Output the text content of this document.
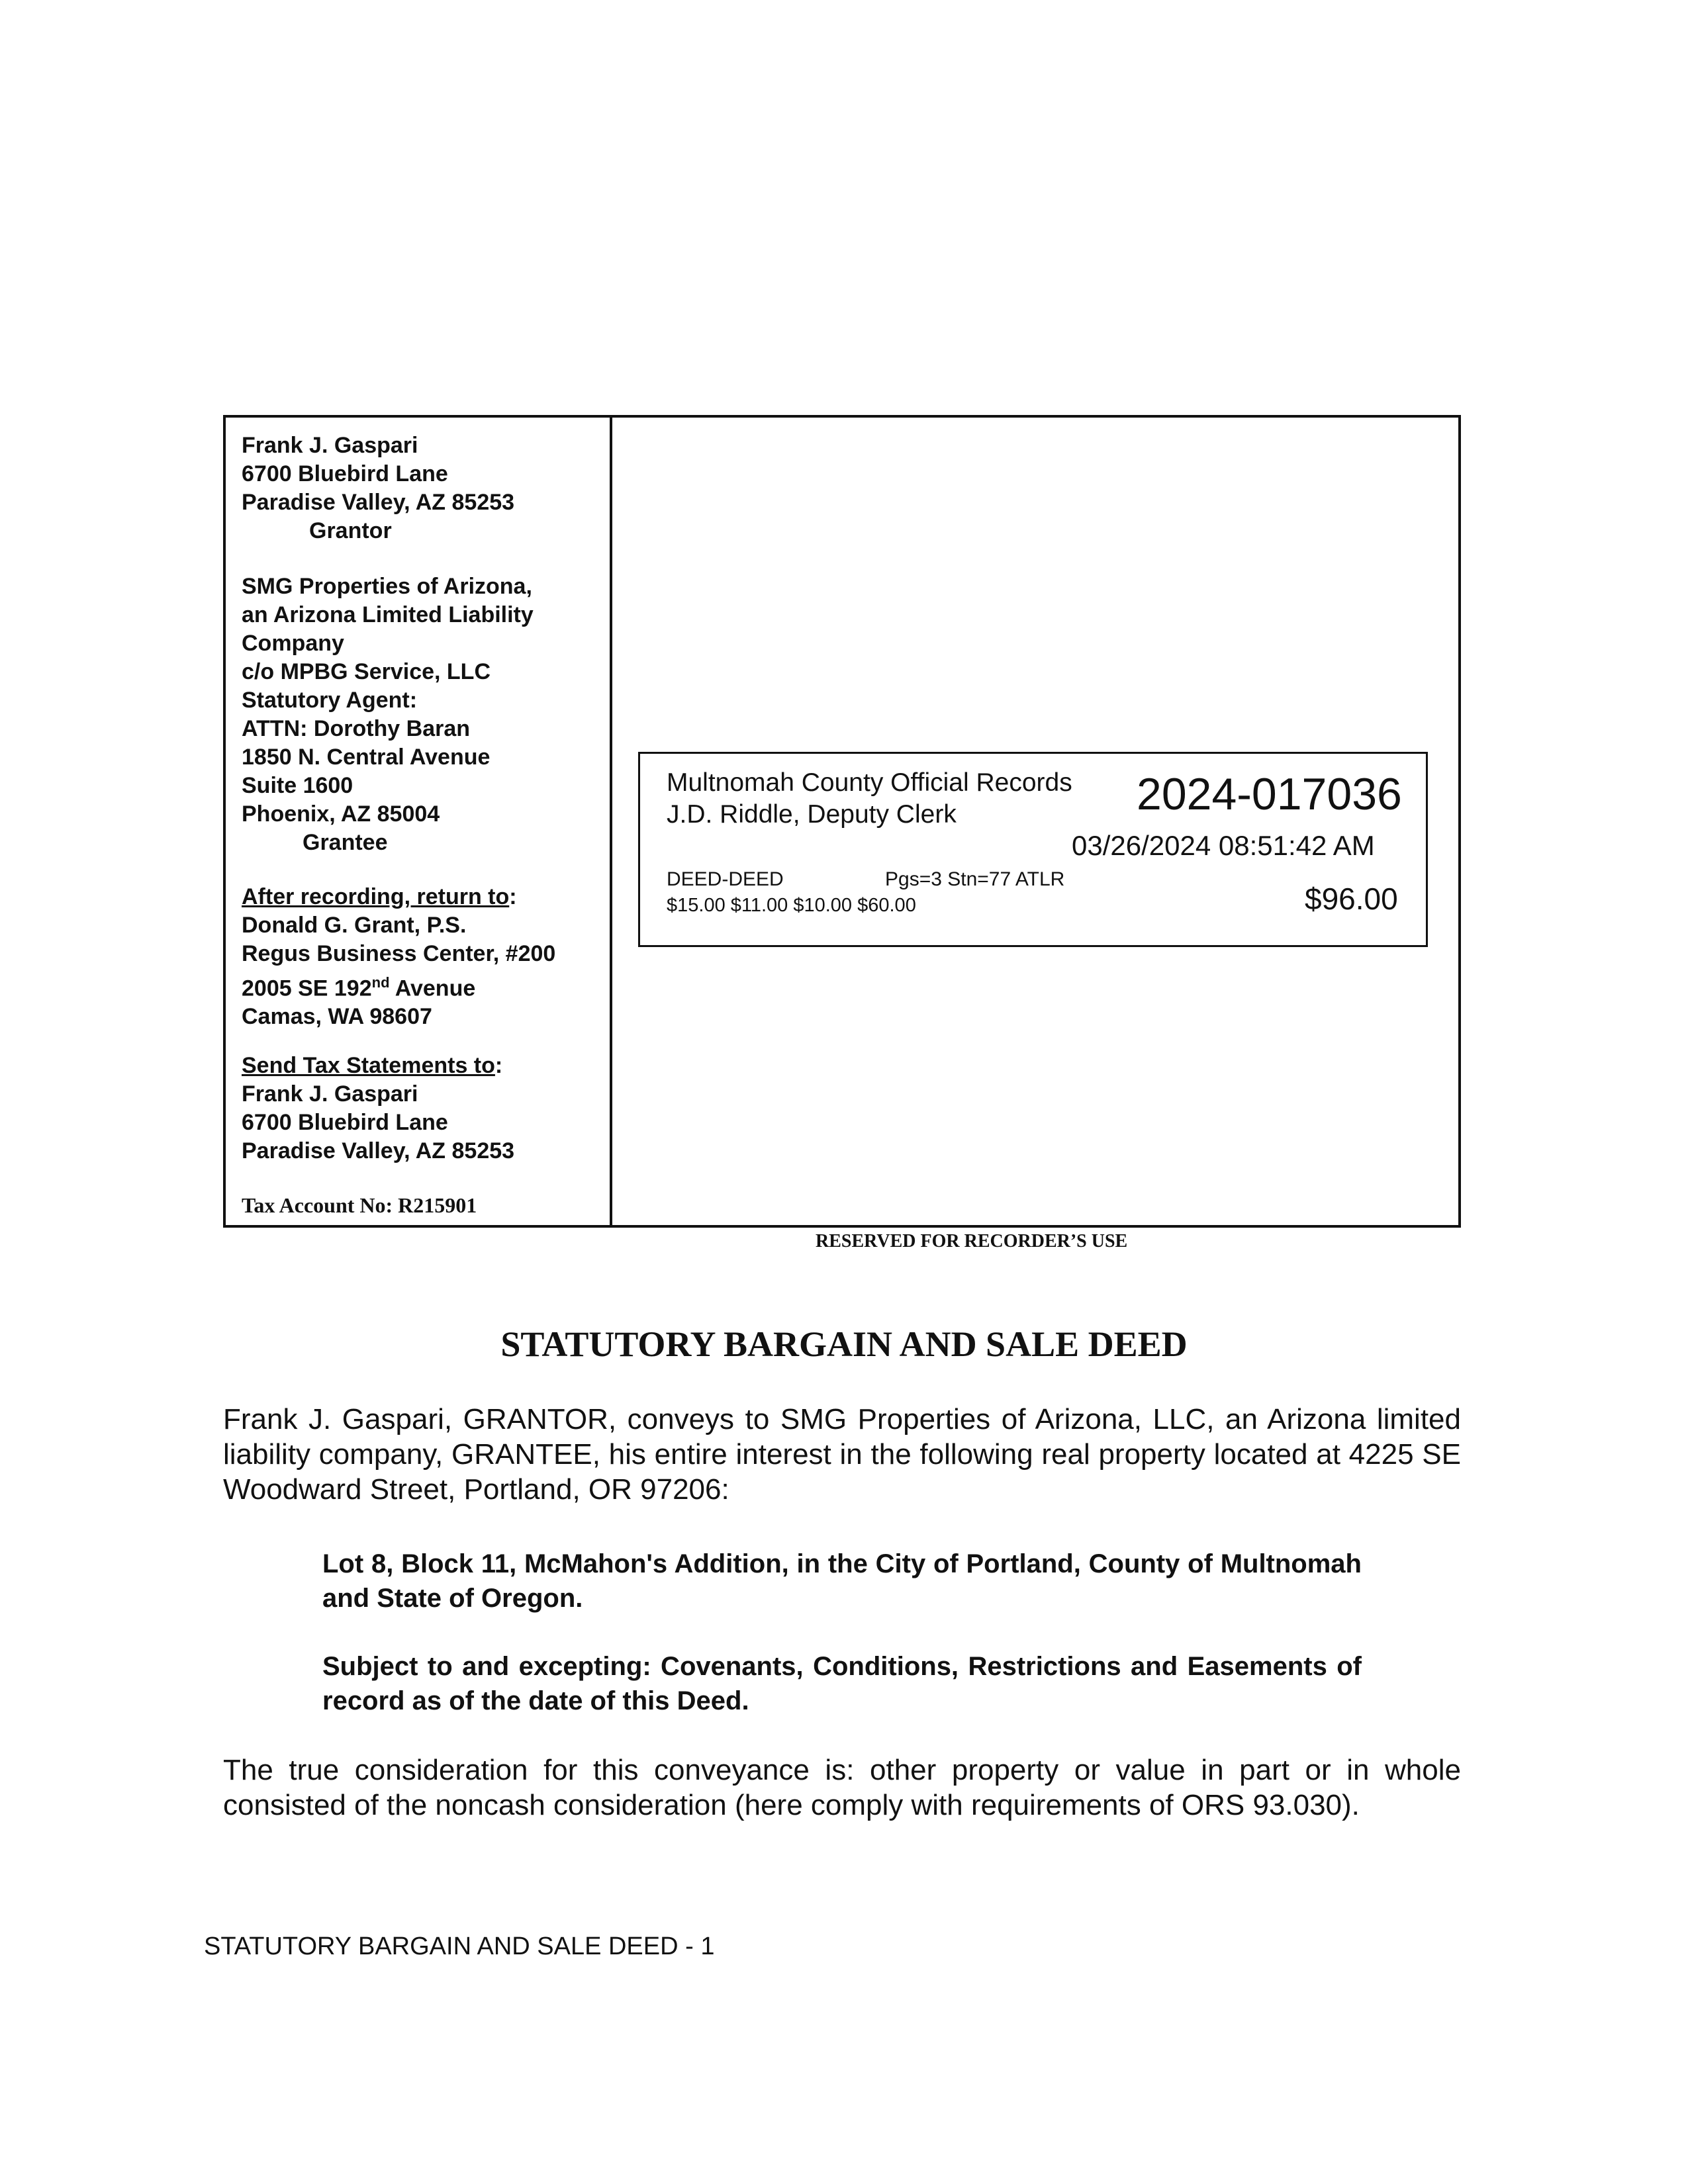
Frank J. Gaspari
6700 Bluebird Lane
Paradise Valley, AZ 85253
Grantor
SMG Properties of Arizona,
an Arizona Limited Liability
Company
c/o MPBG Service, LLC
Statutory Agent:
ATTN: Dorothy Baran
1850 N. Central Avenue
Suite 1600
Phoenix, AZ 85004
Grantee
After recording, return to:
Donald G. Grant, P.S.
Regus Business Center, #200
2005 SE 192nd Avenue
Camas, WA 98607
Send Tax Statements to:
Frank J. Gaspari
6700 Bluebird Lane
Paradise Valley, AZ 85253
Tax Account No: R215901
Multnomah County Official Records
J.D. Riddle, Deputy Clerk	2024-017036
03/26/2024 08:51:42 AM
DEED-DEED	Pgs=3 Stn=77 ATLR
$15.00 $11.00 $10.00 $60.00	$96.00
RESERVED FOR RECORDER’S USE
STATUTORY BARGAIN AND SALE DEED
Frank J. Gaspari, GRANTOR, conveys to SMG Properties of Arizona, LLC, an Arizona limited liability company, GRANTEE, his entire interest in the following real property located at 4225 SE Woodward Street, Portland, OR 97206:
Lot 8, Block 11, McMahon's Addition, in the City of Portland, County of Multnomah and State of Oregon.
Subject to and excepting: Covenants, Conditions, Restrictions and Easements of record as of the date of this Deed.
The true consideration for this conveyance is: other property or value in part or in whole consisted of the noncash consideration (here comply with requirements of ORS 93.030).
STATUTORY BARGAIN AND SALE DEED - 1
